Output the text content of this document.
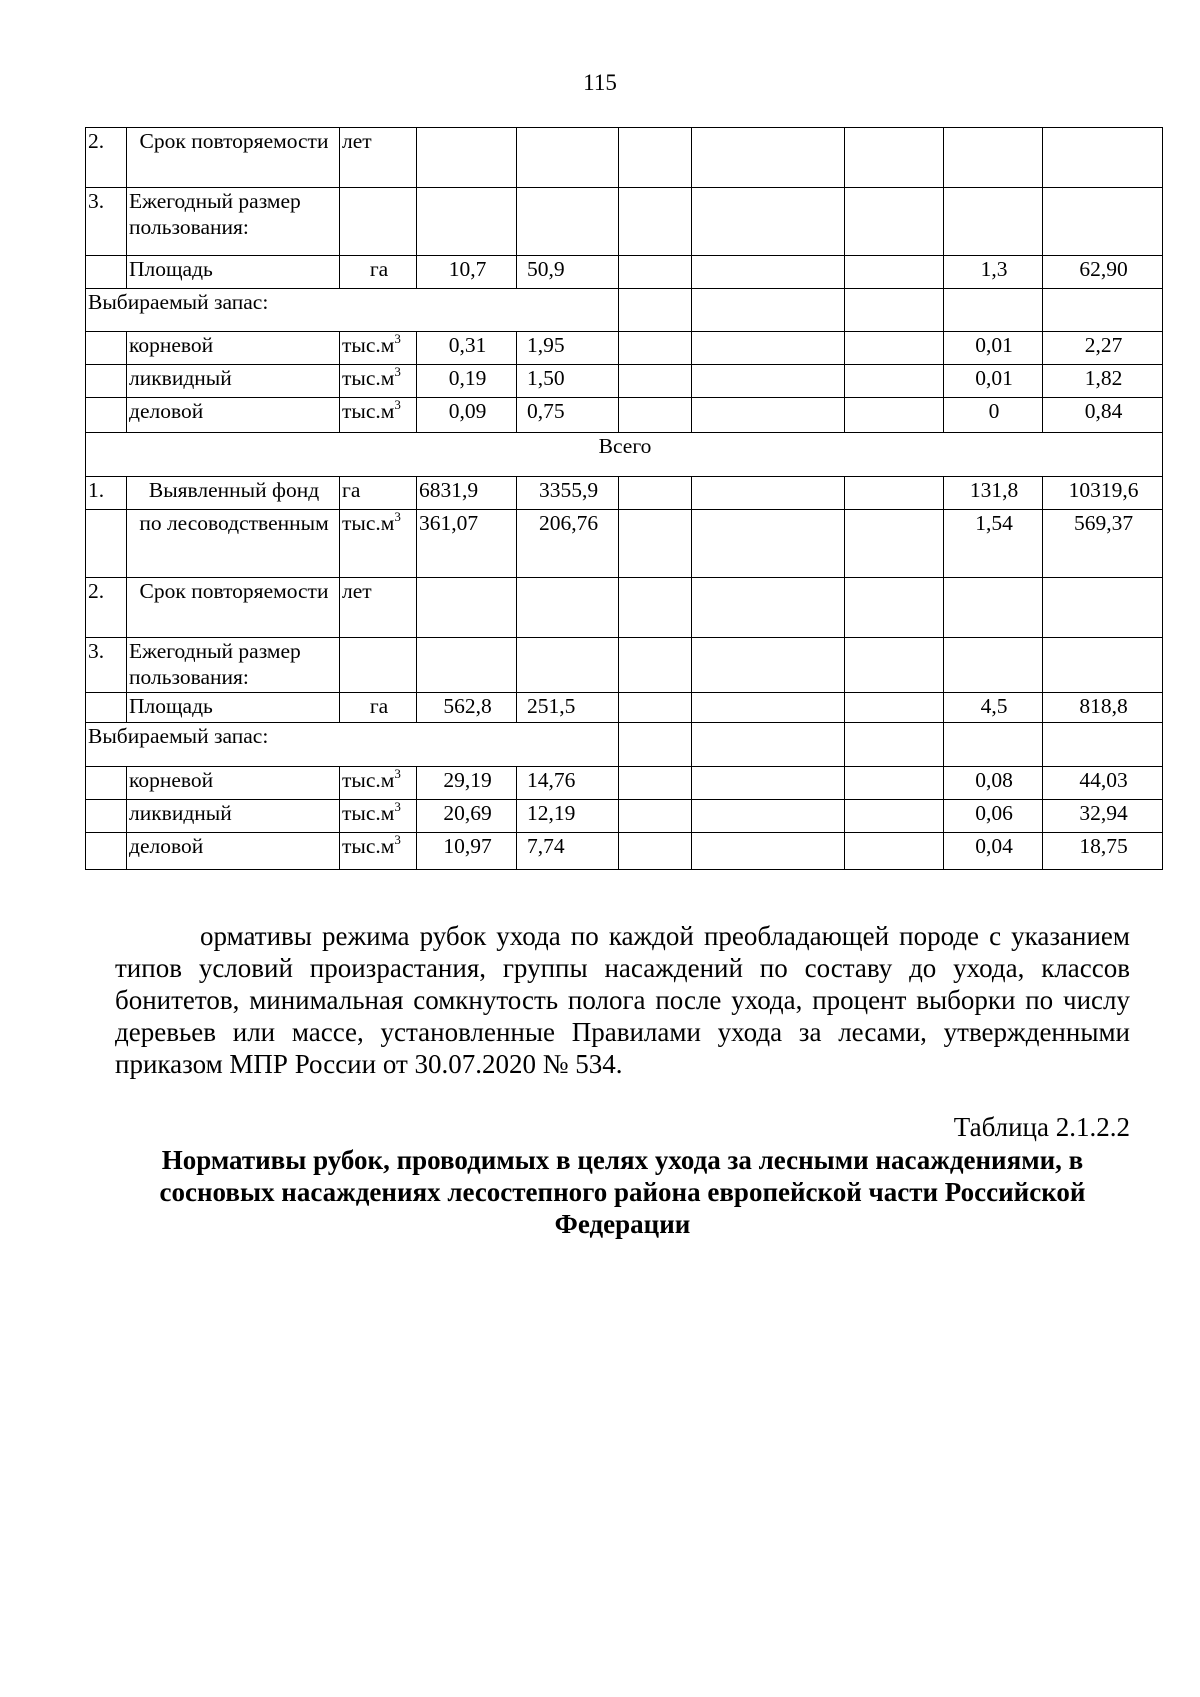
115
2.	Срок повторяемости	лет							
3.	Ежегодный размер пользования:								
	Площадь	га	10,7	50,9				1,3	62,90
Выбираемый запас:									
	корневой	$тыс.м^3$	0,31	1,95				0,01	2,27
	ликвидный	$тыс.м^3$	0,19	1,50				0,01	1,82
	деловой	$тыс.м^3$	0,09	0,75				0	0,84
Всего									
1.	Выявленный фонд	га	6831,9	3355,9				131,8	10319,6
	по лесоводственным	$тыс.м^3$	361,07	206,76				1,54	569,37
2.	Срок повторяемости	лет							
3.	Ежегодный размер пользования:								
	Площадь	га	562,8	251,5				4,5	818,8
Выбираемый запас:									
	корневой	$тыс.м^3$	29,19	14,76				0,08	44,03
	ликвидный	$тыс.м^3$	20,69	12,19				0,06	32,94
	деловой	$тыс.м^3$	10,97	7,74				0,04	18,75
ормативы режима рубок ухода по каждой преобладающей породе с указанием типов условий произрастания, группы насаждений по составу до ухода, классов бонитетов, минимальная сомкнутость полога после ухода, процент выборки по числу деревьев или массе, установленные Правилами ухода за лесами, утвержденными приказом МПР России от 30.07.2020 № 534.
Таблица 2.1.2.2
Нормативы рубок, проводимых в целях ухода за лесными насаждениями, в сосновых насаждениях лесостепного района европейской части Российской Федерации
